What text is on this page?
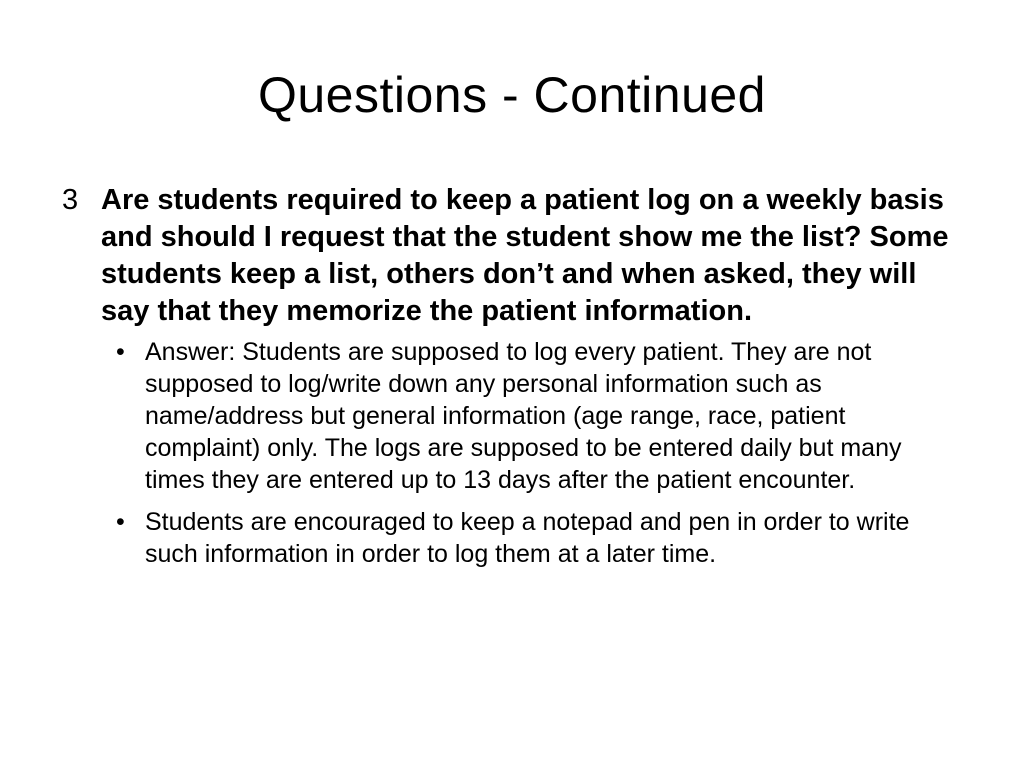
Questions - Continued
3 Are students required to keep a patient log on a weekly basis and should I request that the student show me the list? Some students keep a list, others don’t and when asked, they will say that they memorize the patient information.
• Answer: Students are supposed to log every patient. They are not supposed to log/write down any personal information such as name/address but general information (age range, race, patient complaint) only. The logs are supposed to be entered daily but many times they are entered up to 13 days after the patient encounter.
• Students are encouraged to keep a notepad and pen in order to write such information in order to log them at a later time.
